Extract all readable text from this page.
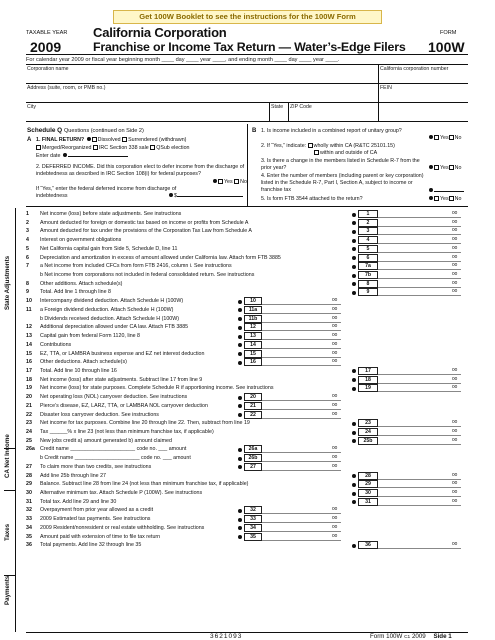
Get 100W Booklet to see the instructions for the 100W Form
TAXABLE YEAR
2009
California Corporation
Franchise or Income Tax Return — Water’s-Edge Filers
FORM
100W
For calendar year 2009 or fiscal year beginning month ____ day ____ year ____, and ending month ____ day ____ year ____.
Corporation name	California corporation number
Address (suite, room, or PMB no.)	FEIN
City	State ZIP Code
Schedule Q Questions (continued on Side 2)
A 1. FINAL RETURN?	Dissolved Surrendered (withdrawn)
Merged/Reorganized IRC Section 338 sale QSub election
Enter date
2. DEFERRED INCOME. Did this corporation elect to defer income from the discharge of indebtedness as described in IRC Section 108(i) for federal purposes?
Yes No
If “Yes,” enter the federal deferred income from discharge of indebtedness	$
B 1. Is income included in a combined report of unitary group?
Yes No
2. If “Yes,” indicate: wholly within CA (R&TC 25101.15)
within and outside of CA
3. Is there a change in the members listed in Schedule R-7 from the prior year?	Yes No
4. Enter the number of members (including parent or key corporation) listed in the Schedule R-7, Part I, Section A, subject to income or franchise tax
5. Is form FTB 3544 attached to the return?	Yes No
State Adjustments
CA Net Income
Taxes
Payments
1	Net income (loss) before state adjustments. See instructions	1	00
2	Amount deducted for foreign or domestic tax based on income or profits from Schedule A	2	00
3	Amount deducted for tax under the provisions of the Corporation Tax Law from Schedule A	3	00
4	Interest on government obligations	4	00
5	Net California capital gain from Side 5, Schedule D, line 11	5	00
6	Depreciation and amortization in excess of amount allowed under California law. Attach form FTB 3885	6	00
7	a Net income from included CFCs from form FTB 2416, column i. See instructions	7a	00
b Net income from corporations not included in federal consolidated return. See instructions	7b	00
8	Other additions. Attach schedule(s)	8	00
9	Total. Add line 1 through line 8	9	00
10	Intercompany dividend deduction. Attach Schedule H (100W)	10	00
11	a Foreign dividend deduction. Attach Schedule H (100W)	11a	00
b Dividends received deduction. Attach Schedule H (100W)	11b	00
12	Additional depreciation allowed under CA law. Attach FTB 3885	12	00
13	Capital gain from federal Form 1120, line 8	13	00
14	Contributions	14	00
15	EZ, TTA, or LAMBRA business expense and EZ net interest deduction	15	00
16	Other deductions. Attach schedule(s)	16	00
17	Total. Add line 10 through line 16	17	00
18	Net income (loss) after state adjustments. Subtract line 17 from line 9	18	00
19	Net income (loss) for state purposes. Complete Schedule R if apportioning income. See instructions	19	00
20	Net operating loss (NOL) carryover deduction. See instructions	20	00
21	Pierce’s disease, EZ, LARZ, TTA, or LAMBRA NOL carryover deduction	21	00
22	Disaster loss carryover deduction. See instructions	22	00
23	Net income for tax purposes. Combine line 20 through line 22. Then, subtract from line 19	23	00
24	Tax ______% x line 23 (not less than minimum franchise tax, if applicable)	24	00
25	New jobs credit a) amount generated b) amount claimed	25b	00
26a Credit name ______________________ code no. ___ amount	26a	00
b Credit name ______________________ code no. ___ amount	26b	00
27	To claim more than two credits, see instructions	27	00
28	Add line 25b through line 27	28	00
29	Balance. Subtract line 28 from line 24 (not less than minimum franchise tax, if applicable)	29	00
30	Alternative minimum tax. Attach Schedule P (100W). See instructions	30	00
31	Total tax. Add line 29 and line 30	31	00
32	Overpayment from prior year allowed as a credit	32	00
33	2009 Estimated tax payments. See instructions	33	00
34	2009 Resident/nonresident or real estate withholding. See instructions	34	00
35	Amount paid with extension of time to file tax return	35	00
36	Total payments. Add line 32 through line 35	36	00
3621093	Form 100W C1 2009 Side 1
